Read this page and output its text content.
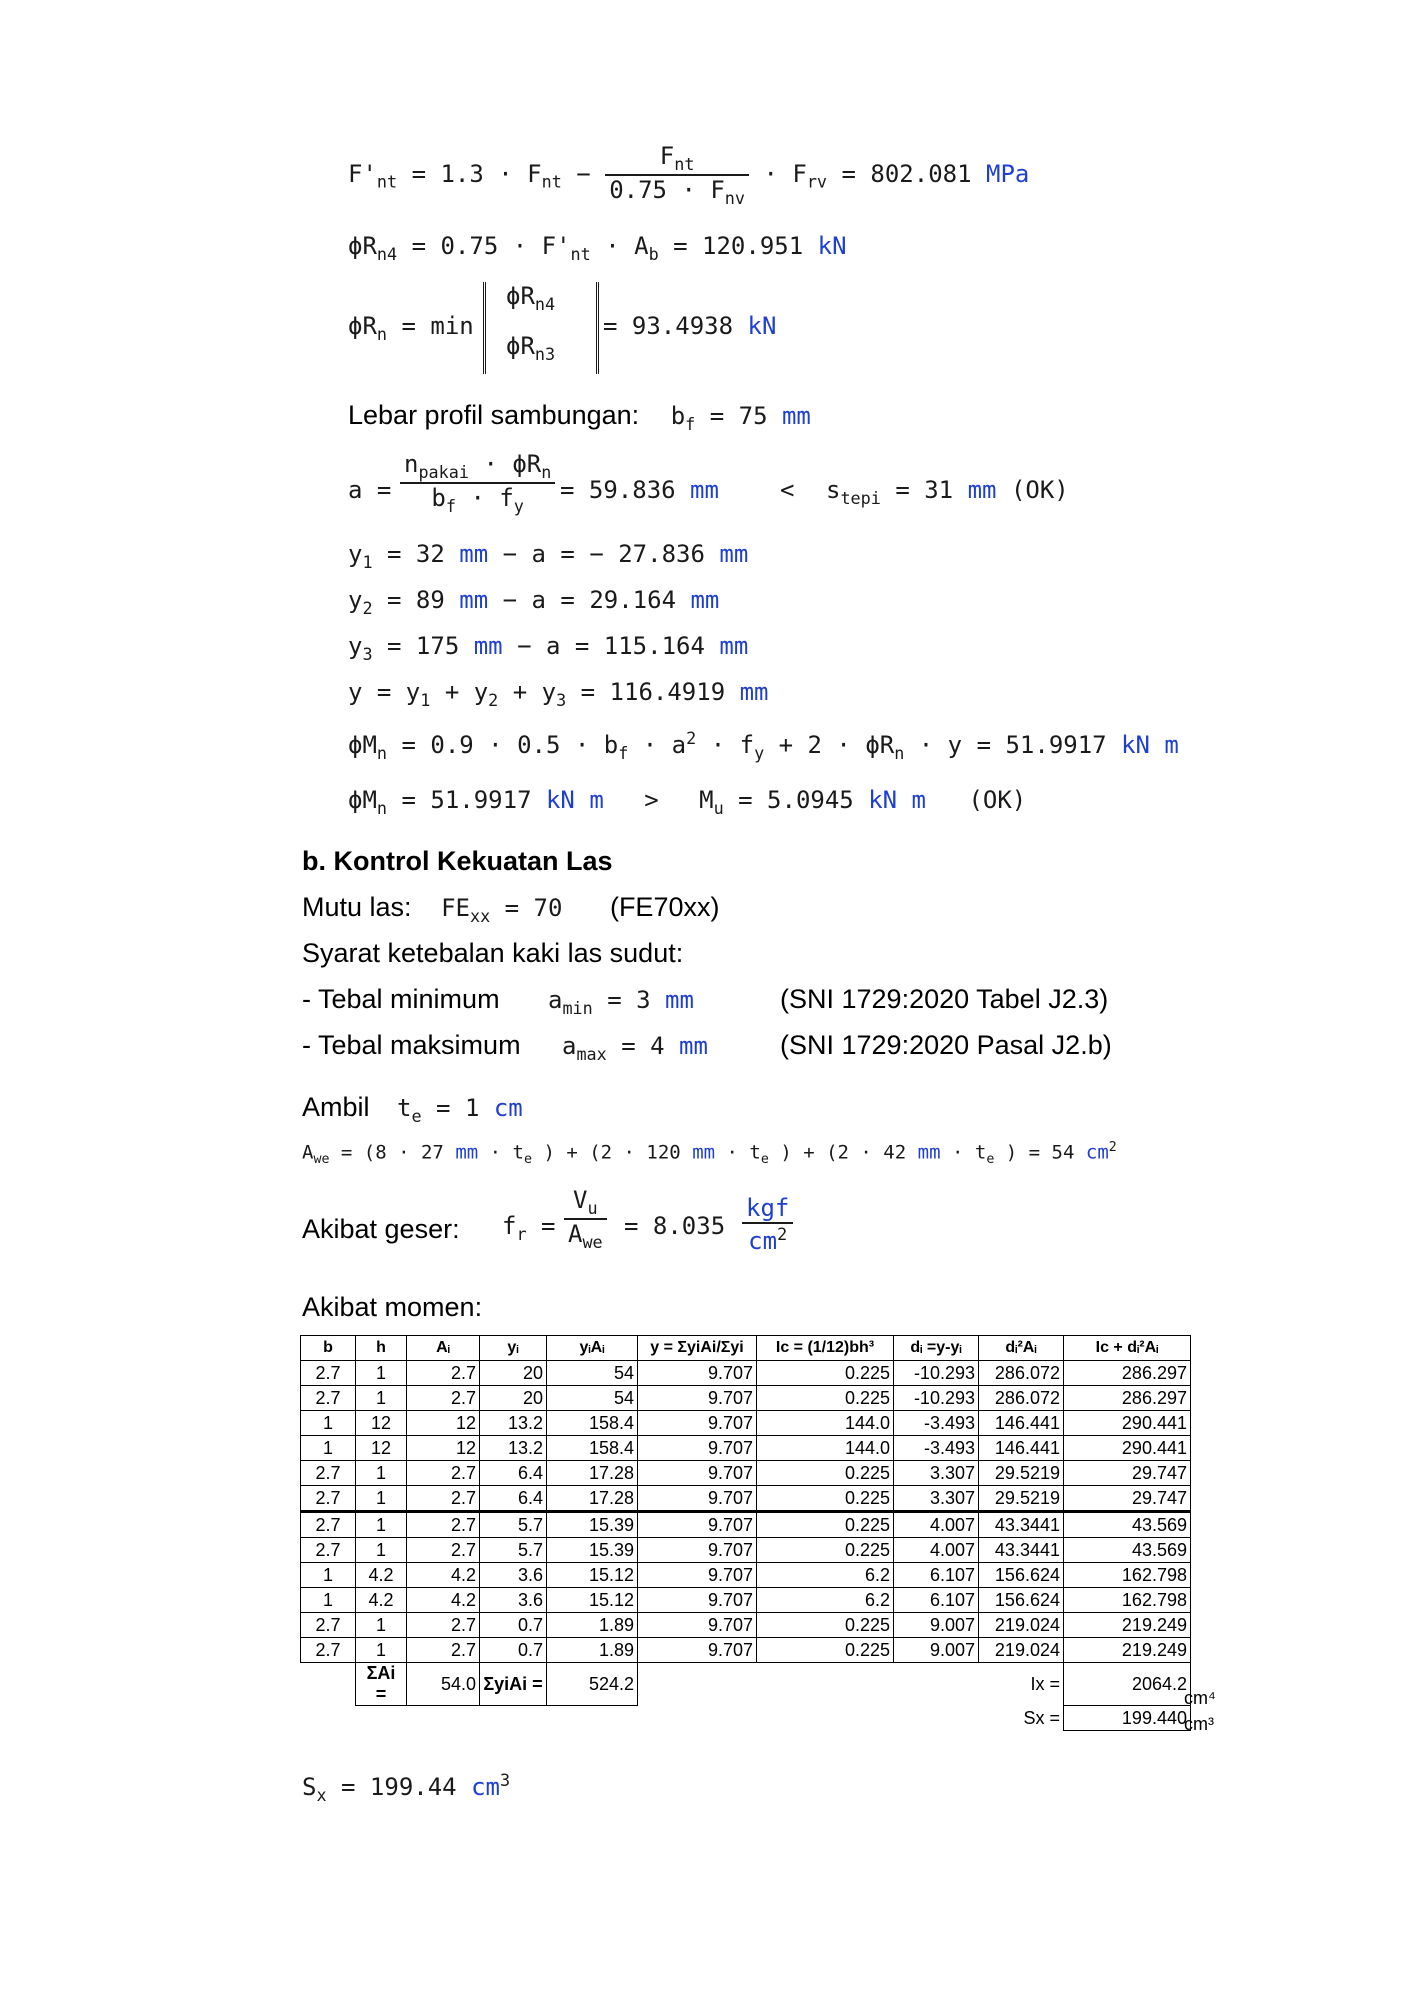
$F'_{nt} = 1.3 \cdot F_{nt} - \frac{F_{nt}}{0.75 \cdot F_{nv}} \cdot F_{rv} = 802.081$ MPa
$\phi R_{n4} = 0.75 \cdot F'_{nt} \cdot A_b = 120.951$ kN
$\phi R_n = \min$
$\phi R_{n4}$
$\phi R_{n3}$
= 93.4938 kN
Lebar profil sambungan: $b_f = 75$ mm
a =
$n_{pakai} \cdot \phi R_n$
$b_f \cdot f_y$
= 59.836 mm	< $s_{tepi} = 31$ mm (OK)
$y_1 = 32$ mm − a = − 27.836 mm
$y_2 = 89$ mm − a = 29.164 mm
$y_3 = 175$ mm − a = 115.164 mm
$y = y_1 + y_2 + y_3 = 116.4919$ mm
$\phi M_n = 0.9 \cdot 0.5 \cdot b_f \cdot a^2 \cdot f_y + 2 \cdot \phi R_n \cdot y = 51.9917$ kN m
$\phi M_n = 51.9917$ kN $m > M_u = 5.0945$ kN m (OK)
b. Kontrol Kekuatan Las
Mutu las: $FE_{xx} = 70$ (FE70xx)
Syarat ketebalan kaki las sudut:
- Tebal minimum $a_{min} = 3$ mm	(SNI 1729:2020 Tabel J2.3)
- Tebal maksimum $a_{max} = 4$ mm	(SNI 1729:2020 Pasal J2.b)
Ambil $t_e = 1$ cm
$A_{we} = (8 \cdot 27$ mm · $t_e$ ) + (2 · 120 mm · $t_e$ ) + (2 · 42 mm · $t_e$ ) = 54 $cm^2$
Akibat geser: $f_r$ =
$V_u$
$A_{we}$
= 8.035
kgf
$cm^2$
Akibat momen:
b	h	Aᵢ	yᵢ	yᵢAᵢ	y = ΣyiAi/Σyi	Ic = (1/12)bh³	dᵢ =y-yᵢ	dᵢ²Aᵢ	Ic + dᵢ²Aᵢ
2.7	1	2.7	20	54	9.707	0.225	-10.293	286.072	286.297
2.7	1	2.7	20	54	9.707	0.225	-10.293	286.072	286.297
1	12	12	13.2	158.4	9.707	144.0	-3.493	146.441	290.441
1	12	12	13.2	158.4	9.707	144.0	-3.493	146.441	290.441
2.7	1	2.7	6.4	17.28	9.707	0.225	3.307	29.5219	29.747
2.7	1	2.7	6.4	17.28	9.707	0.225	3.307	29.5219	29.747
2.7	1	2.7	5.7	15.39	9.707	0.225	4.007	43.3441	43.569
2.7	1	2.7	5.7	15.39	9.707	0.225	4.007	43.3441	43.569
1	4.2	4.2	3.6	15.12	9.707	6.2	6.107	156.624	162.798
1	4.2	4.2	3.6	15.12	9.707	6.2	6.107	156.624	162.798
2.7	1	2.7	0.7	1.89	9.707	0.225	9.007	219.024	219.249
2.7	1	2.7	0.7	1.89	9.707	0.225	9.007	219.024	219.249
	ΣAi =	54.0	ΣyiAi =	524.2				Ix =	2064.2
								Sx =	199.440
cm⁴
cm³
$S_x = 199.44$ $cm^3$
